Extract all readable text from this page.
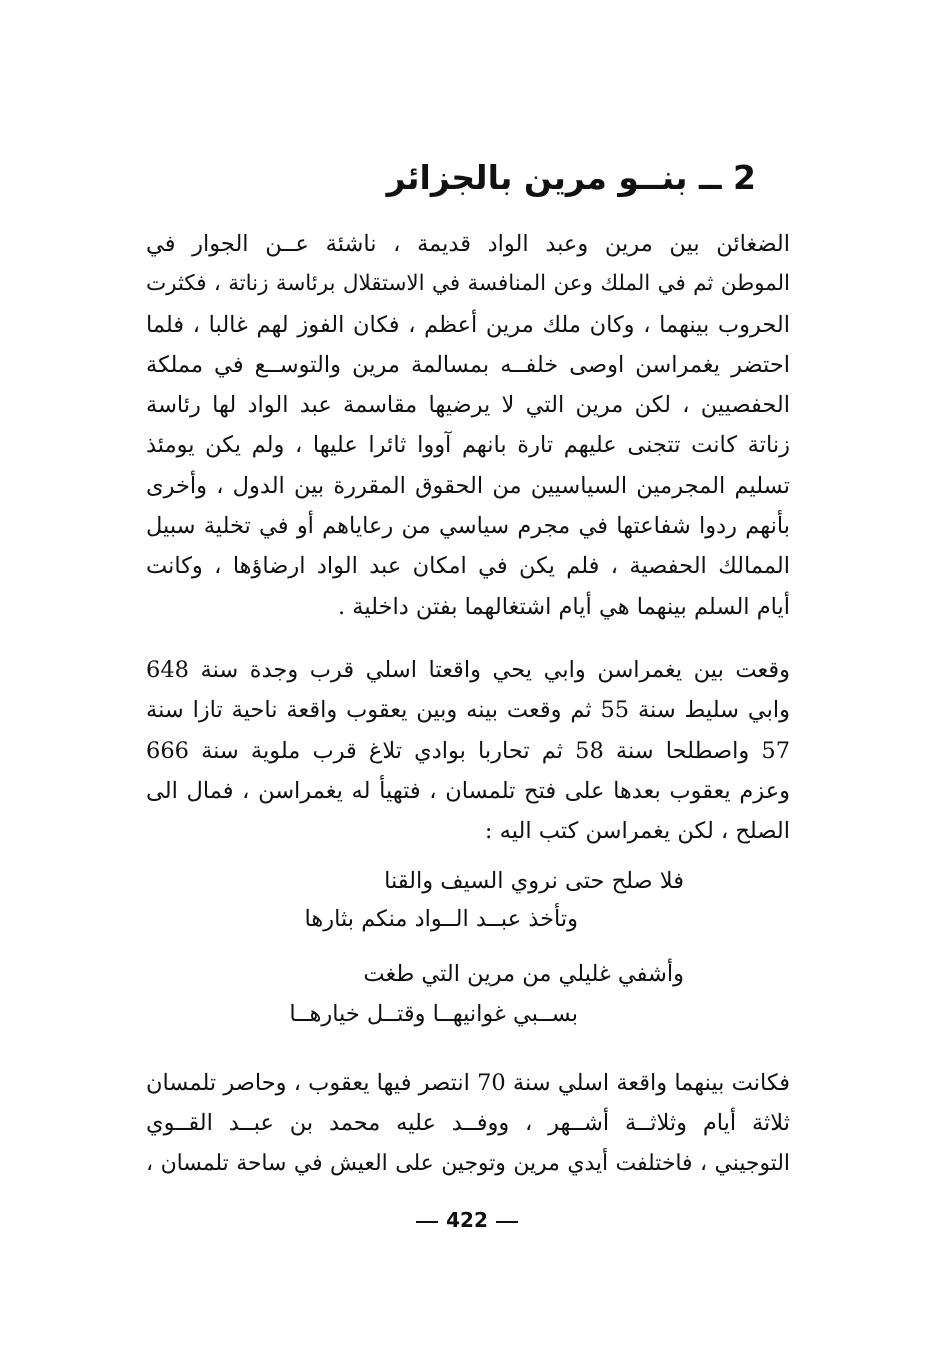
2 ــ بنــو مرين بالجزائر
الضغائن بين مرين وعبد الواد قديمة ، ناشئة عــن الجوار في
الموطن ثم في الملك وعن المنافسة في الاستقلال برئاسة زناتة ، فكثرت
الحروب بينهما ، وكان ملك مرين أعظم ، فكان الفوز لهم غالبا ، فلما
احتضر يغمراسن اوصى خلفــه بمسالمة مرين والتوســع في مملكة
الحفصيين ، لكن مرين التي لا يرضيها مقاسمة عبد الواد لها رئاسة
زناتة كانت تتجنى عليهم تارة بانهم آووا ثائرا عليها ، ولم يكن يومئذ
تسليم المجرمين السياسيين من الحقوق المقررة بين الدول ، وأخرى
بأنهم ردوا شفاعتها في مجرم سياسي من رعاياهم أو في تخلية سبيل
الممالك الحفصية ، فلم يكن في امكان عبد الواد ارضاؤها ، وكانت
أيام السلم بينهما هي أيام اشتغالهما بفتن داخلية .
وقعت بين يغمراسن وابي يحي واقعتا اسلي قرب وجدة سنة 648
وابي سليط سنة 55 ثم وقعت بينه وبين يعقوب واقعة ناحية تازا سنة
57 واصطلحا سنة 58 ثم تحاربا بوادي تلاغ قرب ملوية سنة 666
وعزم يعقوب بعدها على فتح تلمسان ، فتهيأ له يغمراسن ، فمال الى
الصلح ، لكن يغمراسن كتب اليه :
فلا صلح حتى نروي السيف والقنا
وتأخذ عبــد الــواد منكم بثارها
وأشفي غليلي من مرين التي طغت
بســبي غوانيهــا وقتــل خيارهــا
فكانت بينهما واقعة اسلي سنة 70 انتصر فيها يعقوب ، وحاصر تلمسان
ثلاثة أيام وثلاثــة أشــهر ، ووفــد عليه محمد بن عبــد القــوي
التوجيني ، فاختلفت أيدي مرين وتوجين على العيش في ساحة تلمسان ،
422
